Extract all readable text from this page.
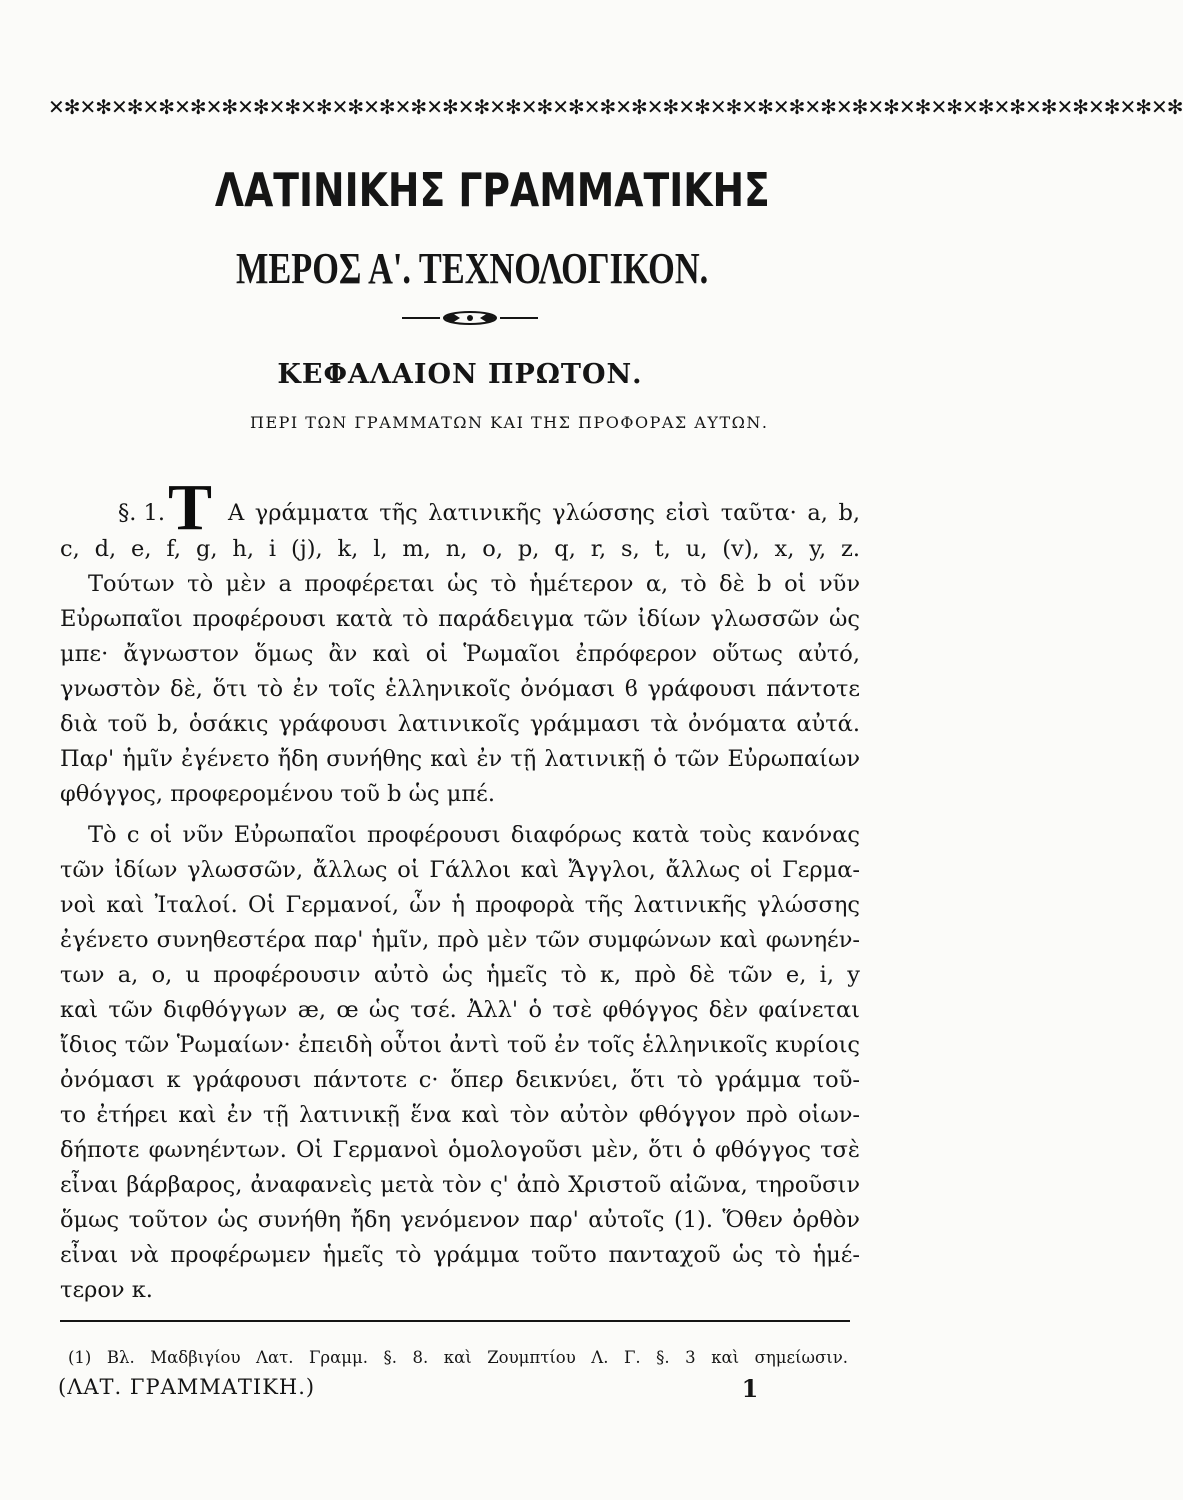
✕✻✕✻✕✻✕✻✕✻✕✻✕✻✕✻✕✻✕✻✕✻✕✻✕✻✕✻✕✻✕✻✕✻✕✻✕✻✕✻✕✻✕✻✕✻✕✻✕✻✕✻✕✻✕✻✕✻✕✻✕✻✕✻✕✻✕✻✕✻✕✻
ΛΑΤΙΝΙΚΗΣ ΓΡΑΜΜΑΤΙΚΗΣ
ΜΕΡΟΣ Α'. ΤΕΧΝΟΛΟΓΙΚΟΝ.
ΚΕΦΑΛΑΙΟΝ ΠΡΩΤΟΝ.
ΠΕΡΙ ΤΩΝ ΓΡΑΜΜΑΤΩΝ ΚΑΙ ΤΗΣ ΠΡΟΦΟΡΑΣ ΑΥΤΩΝ.
§. 1. Τ Α γράμματα τῆς λατινικῆς γλώσσης εἰσὶ ταῦτα· a, b,
c, d, e, f, g, h, i (j), k, l, m, n, o, p, q, r, s, t, u, (v), x, y, z.
Τούτων τὸ μὲν a προφέρεται ὡς τὸ ἡμέτερον α, τὸ δὲ b οἱ νῦν
Εὐρωπαῖοι προφέρουσι κατὰ τὸ παράδειγμα τῶν ἰδίων γλωσσῶν ὡς
μπε· ἄγνωστον ὅμως ἂν καὶ οἱ Ῥωμαῖοι ἐπρόφερον οὕτως αὐτό,
γνωστὸν δὲ, ὅτι τὸ ἐν τοῖς ἑλληνικοῖς ὀνόμασι ϐ γράφουσι πάντοτε
διὰ τοῦ b, ὁσάκις γράφουσι λατινικοῖς γράμμασι τὰ ὀνόματα αὐτά.
Παρ' ἡμῖν ἐγένετο ἤδη συνήθης καὶ ἐν τῇ λατινικῇ ὁ τῶν Εὐρωπαίων
φθόγγος, προφερομένου τοῦ b ὡς μπέ.
Τὸ c οἱ νῦν Εὐρωπαῖοι προφέρουσι διαφόρως κατὰ τοὺς κανόνας
τῶν ἰδίων γλωσσῶν, ἄλλως οἱ Γάλλοι καὶ Ἄγγλοι, ἄλλως οἱ Γερμα-
νοὶ καὶ Ἰταλοί. Οἱ Γερμανοί, ὧν ἡ προφορὰ τῆς λατινικῆς γλώσσης
ἐγένετο συνηθεστέρα παρ' ἡμῖν, πρὸ μὲν τῶν συμφώνων καὶ φωνηέν-
των a, o, u προφέρουσιν αὐτὸ ὡς ἡμεῖς τὸ κ, πρὸ δὲ τῶν e, i, y
καὶ τῶν διφθόγγων æ, œ ὡς τσέ. Ἀλλ' ὁ τσὲ φθόγγος δὲν φαίνεται
ἴδιος τῶν Ῥωμαίων· ἐπειδὴ οὗτοι ἀντὶ τοῦ ἐν τοῖς ἑλληνικοῖς κυρίοις
ὀνόμασι κ γράφουσι πάντοτε c· ὅπερ δεικνύει, ὅτι τὸ γράμμα τοῦ-
το ἐτήρει καὶ ἐν τῇ λατινικῇ ἕνα καὶ τὸν αὐτὸν φθόγγον πρὸ οἱων-
δήποτε φωνηέντων. Οἱ Γερμανοὶ ὁμολογοῦσι μὲν, ὅτι ὁ φθόγγος τσὲ
εἶναι βάρβαρος, ἀναφανεὶς μετὰ τὸν ς' ἀπὸ Χριστοῦ αἰῶνα, τηροῦσιν
ὅμως τοῦτον ὡς συνήθη ἤδη γενόμενον παρ' αὐτοῖς (1). Ὅθεν ὀρθὸν
εἶναι νὰ προφέρωμεν ἡμεῖς τὸ γράμμα τοῦτο πανταχοῦ ὡς τὸ ἡμέ-
τερον κ.
(1) Βλ. Μαδβιγίου Λατ. Γραμμ. §. 8. καὶ Ζουμπτίου Λ. Γ. §. 3 καὶ σημείωσιν.
(ΛΑΤ. ΓΡΑΜΜΑΤΙΚΗ.)	1
